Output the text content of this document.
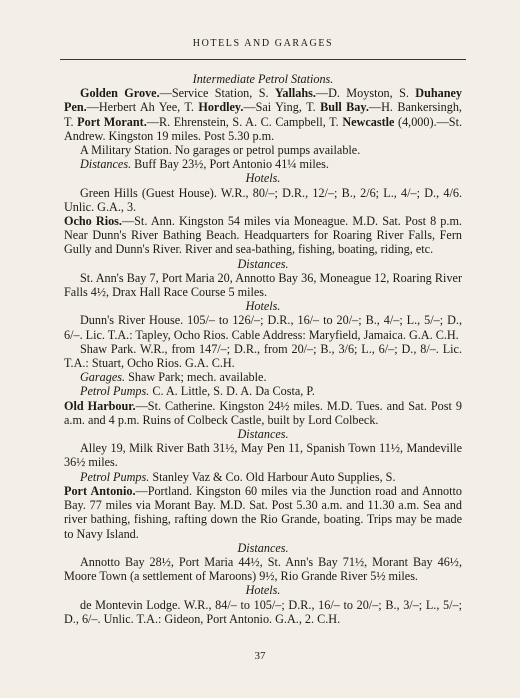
HOTELS AND GARAGES
Intermediate Petrol Stations.

Golden Grove.—Service Station, S. Yallahs.—D. Moyston, S. Duhaney Pen.—Herbert Ah Yee, T. Hordley.—Sai Ying, T. Bull Bay.—H. Bankersingh, T. Port Morant.—R. Ehrenstein, S. A. C. Campbell, T. Newcastle (4,000).—St. Andrew. Kingston 19 miles. Post 5.30 p.m.

A Military Station. No garages or petrol pumps available.

Distances. Buff Bay 23½, Port Antonio 41¼ miles.

Hotels.

Green Hills (Guest House). W.R., 80/–; D.R., 12/–; B., 2/6; L., 4/–; D., 4/6. Unlic. G.A., 3.

Ocho Rios.—St. Ann. Kingston 54 miles via Moneague. M.D. Sat. Post 8 p.m. Near Dunn's River Bathing Beach. Headquarters for Roaring River Falls, Fern Gully and Dunn's River. River and sea-bathing, fishing, boating, riding, etc.

Distances.

St. Ann's Bay 7, Port Maria 20, Annotto Bay 36, Moneague 12, Roaring River Falls 4½, Drax Hall Race Course 5 miles.

Hotels.

Dunn's River House. 105/– to 126/–; D.R., 16/– to 20/–; B., 4/–; L., 5/–; D., 6/–. Lic. T.A.: Tapley, Ocho Rios. Cable Address: Maryfield, Jamaica. G.A. C.H.

Shaw Park. W.R., from 147/–; D.R., from 20/–; B., 3/6; L., 6/–; D., 8/–. Lic. T.A.: Stuart, Ocho Rios. G.A. C.H.

Garages. Shaw Park; mech. available.

Petrol Pumps. C. A. Little, S. D. A. Da Costa, P.

Old Harbour.—St. Catherine. Kingston 24½ miles. M.D. Tues. and Sat. Post 9 a.m. and 4 p.m. Ruins of Colbeck Castle, built by Lord Colbeck.

Distances.

Alley 19, Milk River Bath 31½, May Pen 11, Spanish Town 11½, Mandeville 36½ miles.

Petrol Pumps. Stanley Vaz & Co. Old Harbour Auto Supplies, S.

Port Antonio.—Portland. Kingston 60 miles via the Junction road and Annotto Bay. 77 miles via Morant Bay. M.D. Sat. Post 5.30 a.m. and 11.30 a.m. Sea and river bathing, fishing, rafting down the Rio Grande, boating. Trips may be made to Navy Island.

Distances.

Annotto Bay 28½, Port Maria 44½, St. Ann's Bay 71½, Morant Bay 46½, Moore Town (a settlement of Maroons) 9½, Rio Grande River 5½ miles.

Hotels.

de Montevin Lodge. W.R., 84/– to 105/–; D.R., 16/– to 20/–; B., 3/–; L., 5/–; D., 6/–. Unlic. T.A.: Gideon, Port Antonio. G.A., 2. C.H.

37
